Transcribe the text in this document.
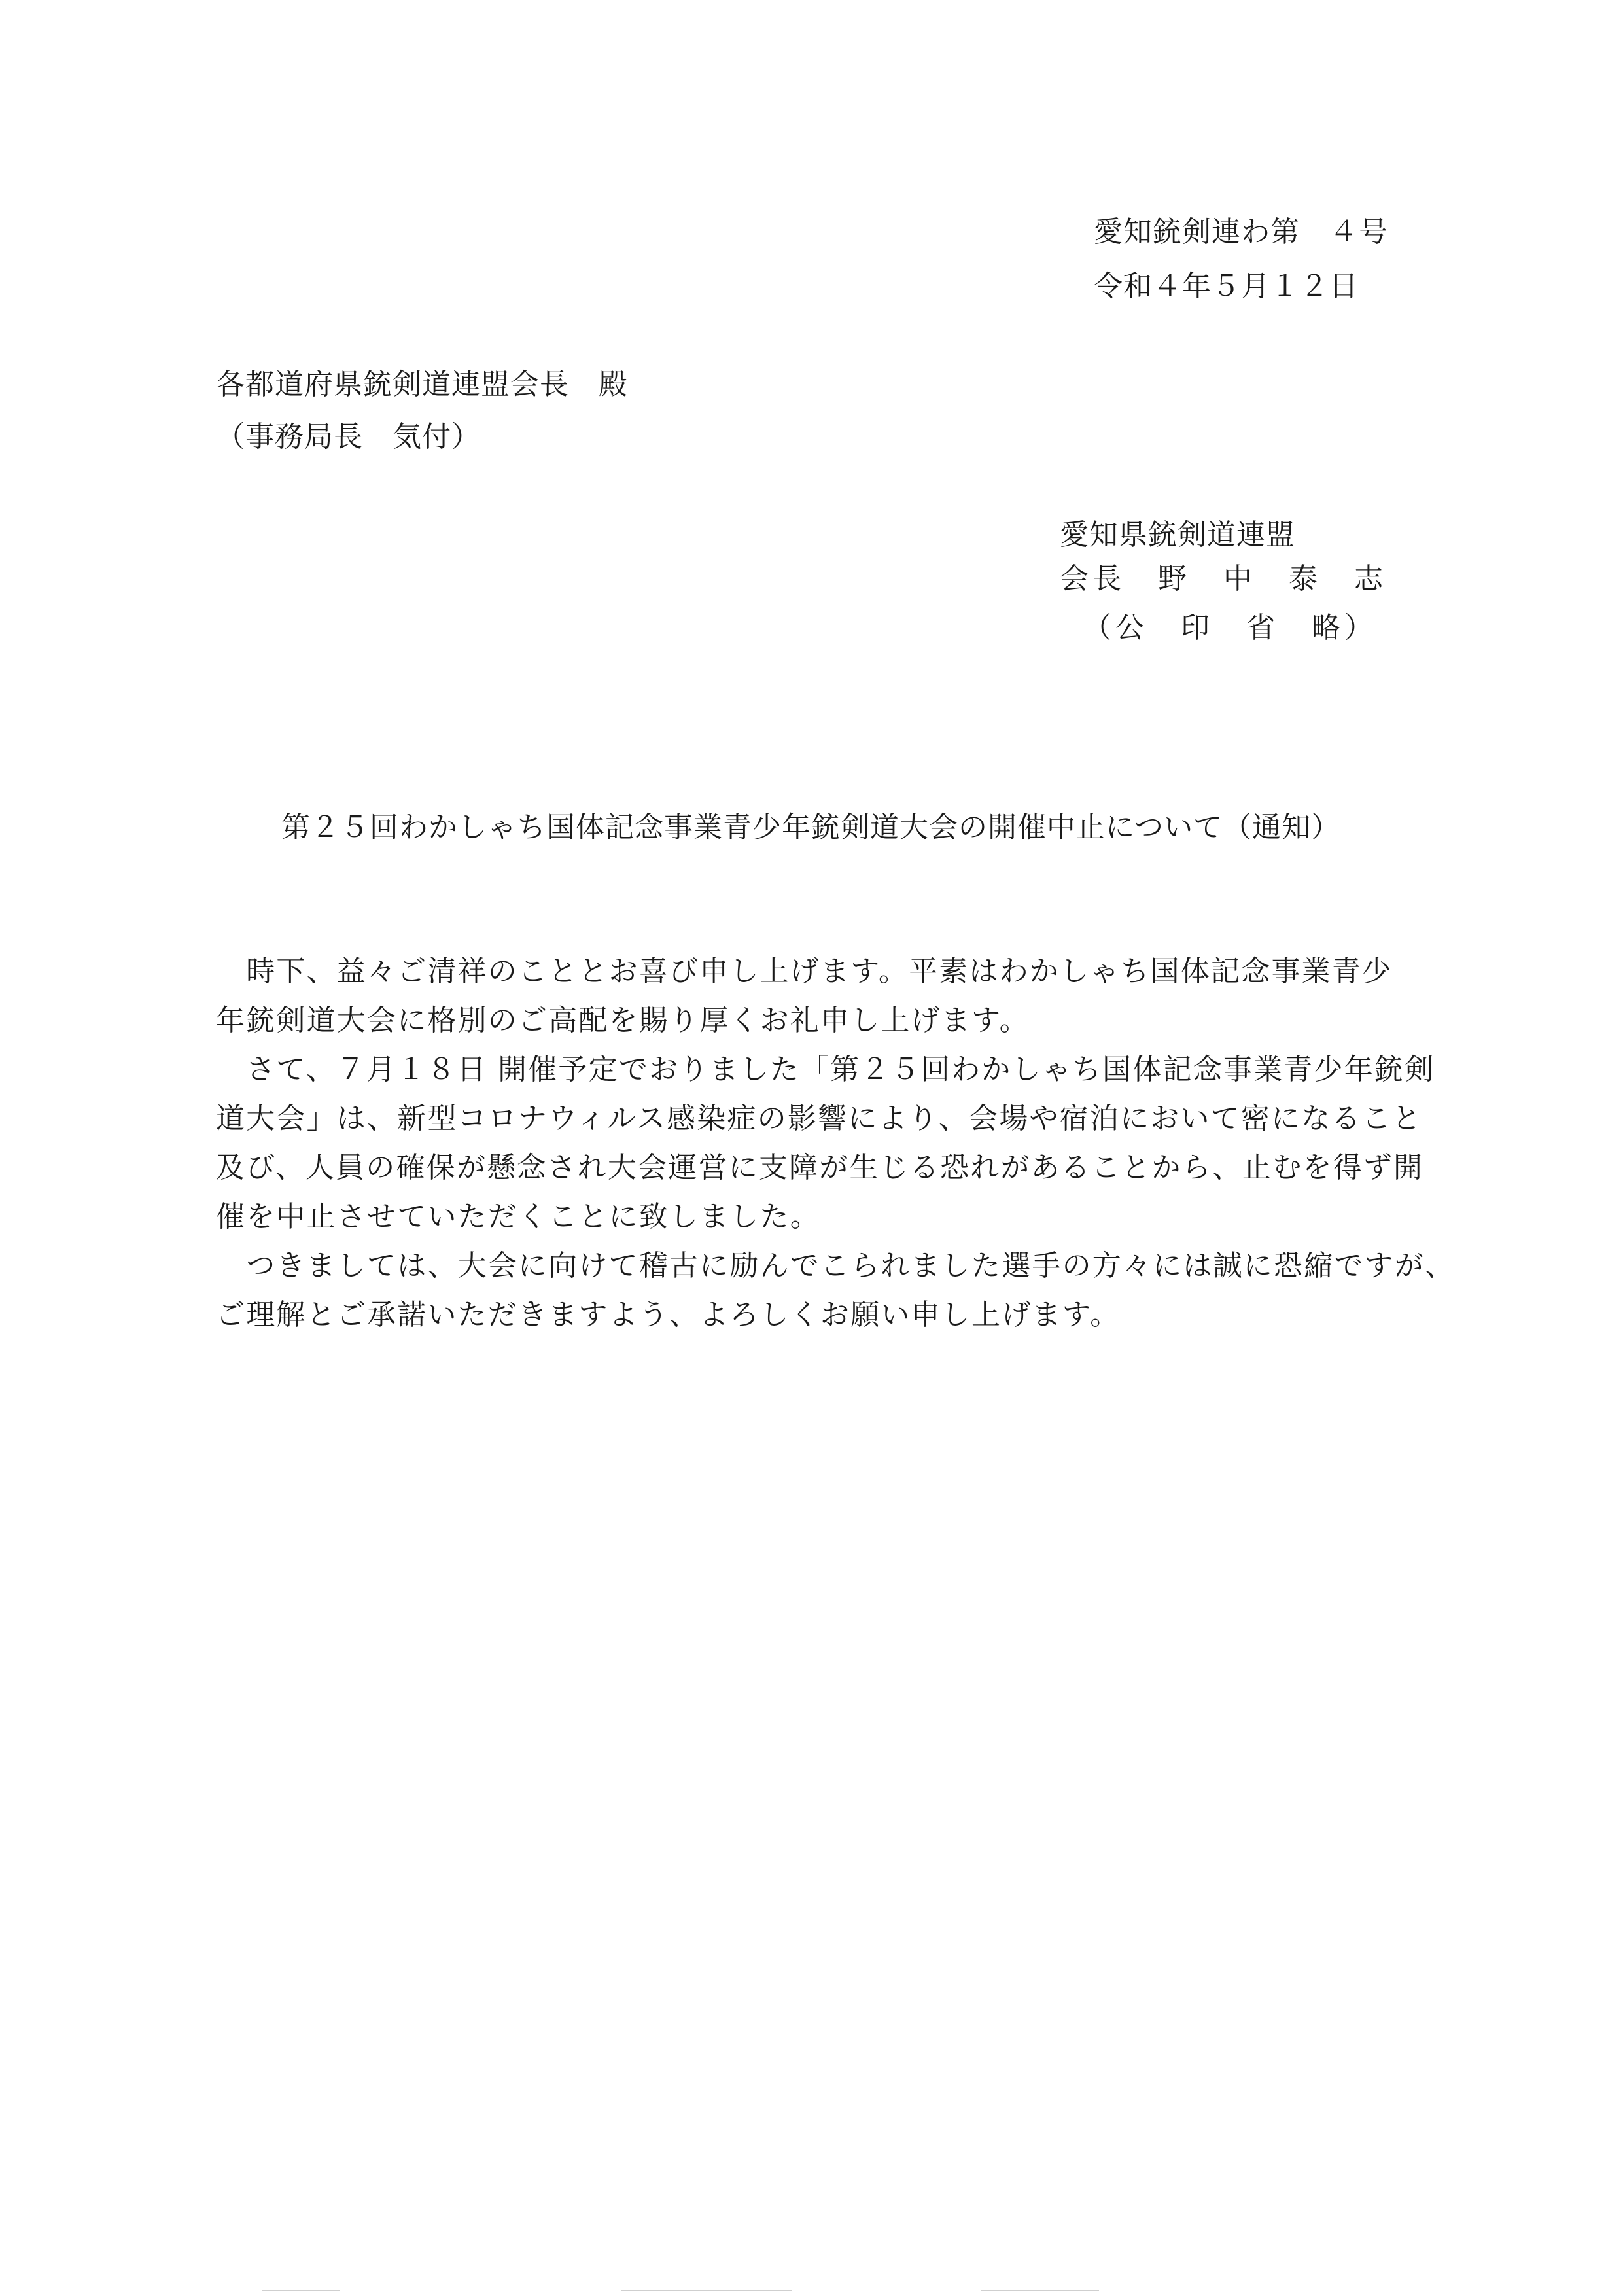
愛知銃剣連わ第　４号
令和４年５月１２日
各都道府県銃剣道連盟会長　殿
（事務局長　気付）
愛知県銃剣道連盟
会長　野　中　泰　志
（公　印　省　略）
第２５回わかしゃち国体記念事業青少年銃剣道大会の開催中止について（通知）
　時下、益々ご清祥のこととお喜び申し上げます。平素はわかしゃち国体記念事業青少
年銃剣道大会に格別のご高配を賜り厚くお礼申し上げます。
　さて、７月１８日 開催予定でおりました「第２５回わかしゃち国体記念事業青少年銃剣
道大会」は、新型コロナウィルス感染症の影響により、会場や宿泊において密になること
及び、人員の確保が懸念され大会運営に支障が生じる恐れがあることから、止むを得ず開
催を中止させていただくことに致しました。
　つきましては、大会に向けて稽古に励んでこられました選手の方々には誠に恐縮ですが、
ご理解とご承諾いただきますよう、よろしくお願い申し上げます。
